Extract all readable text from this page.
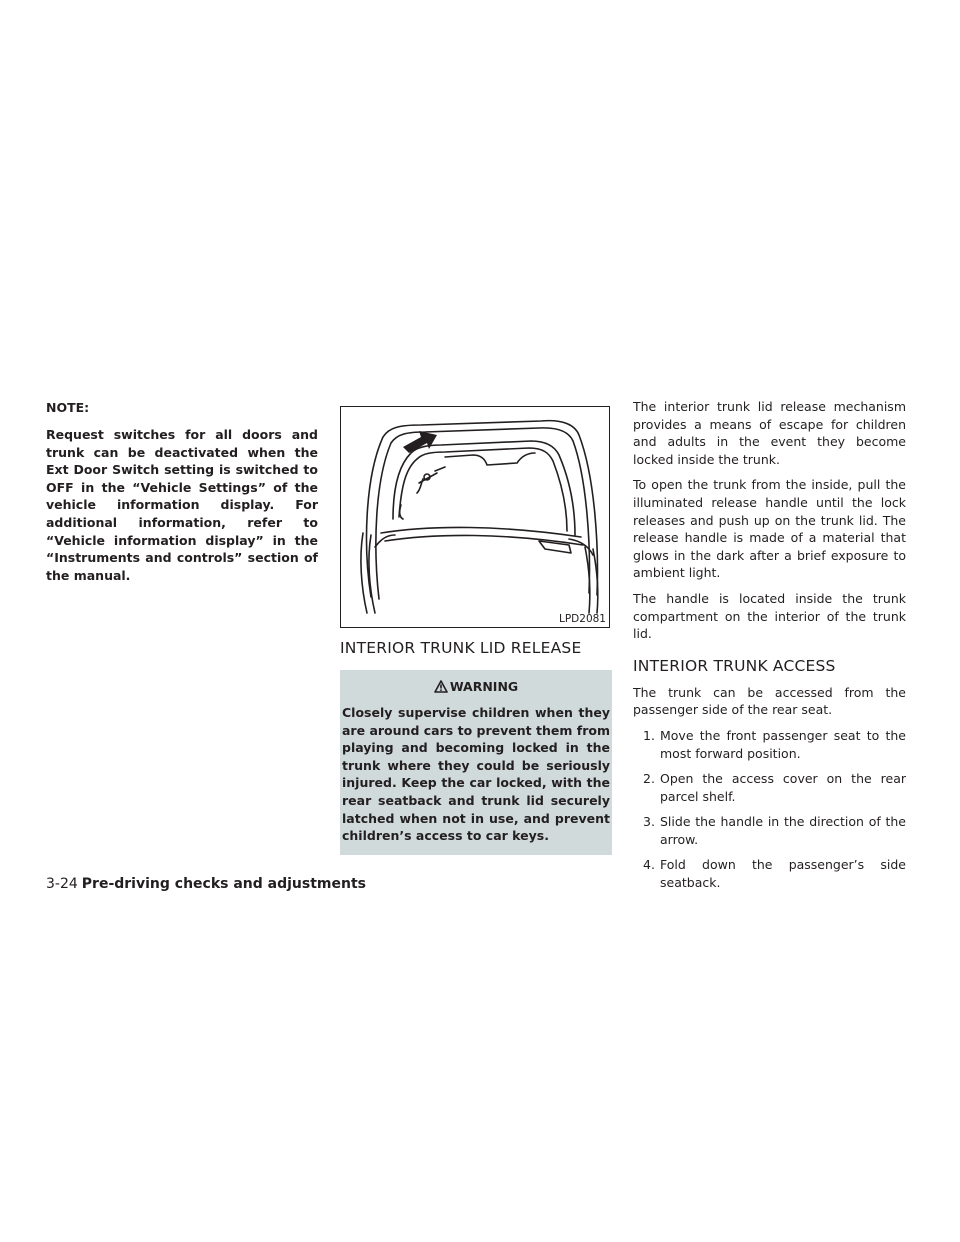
NOTE:

Request switches for all doors and trunk can be deactivated when the Ext Door Switch setting is switched to OFF in the “Vehicle Settings” of the vehicle information display. For additional information, refer to “Vehicle information display” in the “Instruments and controls” section of the manual.

LPD2081
INTERIOR TRUNK LID RELEASE
WARNING

Closely supervise children when they are around cars to prevent them from playing and becoming locked in the trunk where they could be seriously injured. Keep the car locked, with the rear seatback and trunk lid securely latched when not in use, and prevent children’s access to car keys.

The interior trunk lid release mechanism provides a means of escape for children and adults in the event they become locked inside the trunk.

To open the trunk from the inside, pull the illuminated release handle until the lock releases and push up on the trunk lid. The release handle is made of a material that glows in the dark after a brief exposure to ambient light.

The handle is located inside the trunk compartment on the interior of the trunk lid.

INTERIOR TRUNK ACCESS

The trunk can be accessed from the passenger side of the rear seat.

1. Move the front passenger seat to the most forward position.
2. Open the access cover on the rear parcel shelf.
3. Slide the handle in the direction of the arrow.
4. Fold down the passenger’s side seatback.
3-24 Pre-driving checks and adjustments
